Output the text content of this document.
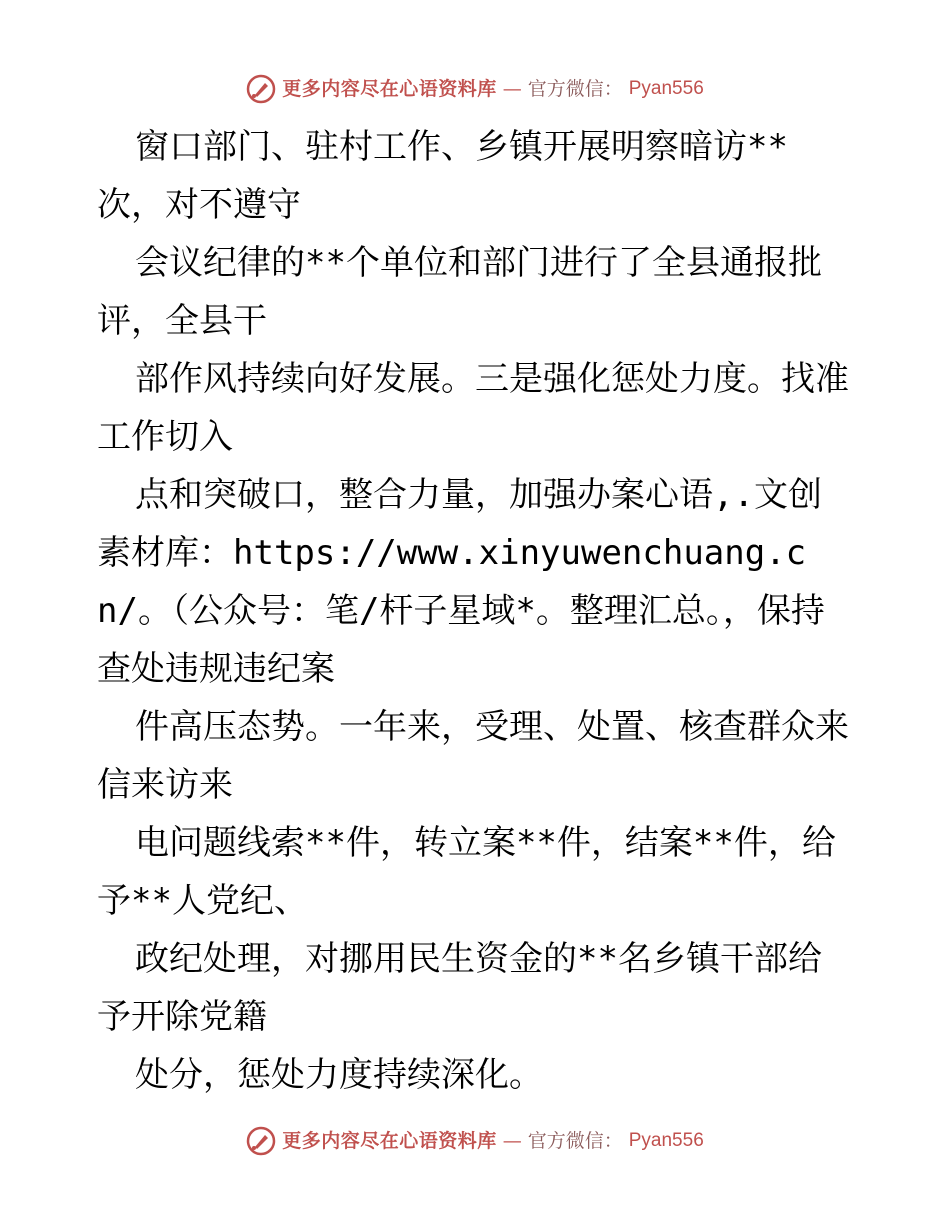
更多内容尽在心语资料库 — 官方微信： Pyan556

窗口部门、驻村工作、乡镇开展明察暗访**次，对不遵守

会议纪律的**个单位和部门进行了全县通报批评，全县干

部作风持续向好发展。三是强化惩处力度。找准工作切入

点和突破口，整合力量，加强办案心语,.文创素材库：https://www.xinyuwenchuang.cn/。（公众号：笔/杆子星域*。整理汇总。，保持查处违规违纪案

件高压态势。一年来，受理、处置、核查群众来信来访来

电问题线索**件，转立案**件，结案**件，给予**人党纪、

政纪处理，对挪用民生资金的**名乡镇干部给予开除党籍

处分，惩处力度持续深化。

更多内容尽在心语资料库 — 官方微信： Pyan556
